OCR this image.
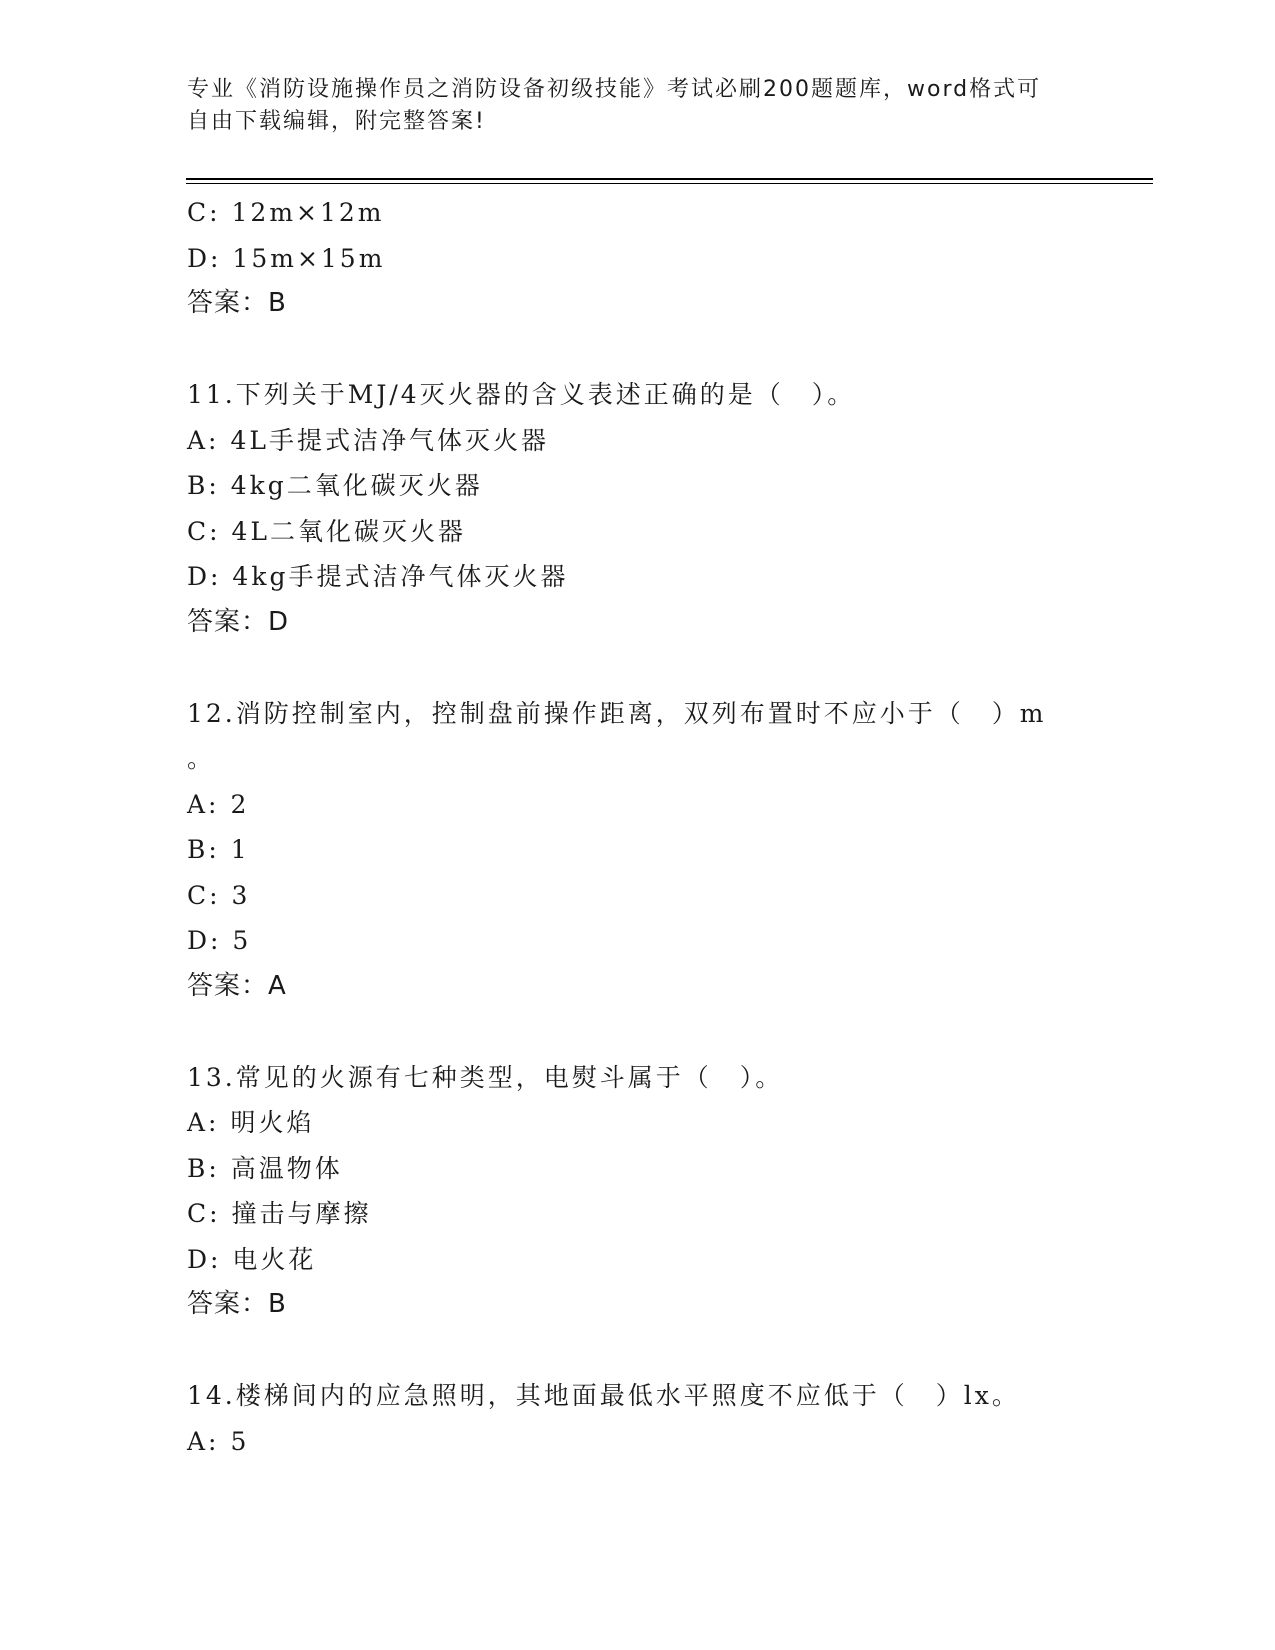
专业《消防设施操作员之消防设备初级技能》考试必刷200题题库，word格式可
自由下载编辑，附完整答案!
C: 12m×12m
D: 15m×15m
答案：B
11.下列关于MJ/4灭火器的含义表述正确的是（　）。
A: 4L手提式洁净气体灭火器
B: 4kg二氧化碳灭火器
C: 4L二氧化碳灭火器
D: 4kg手提式洁净气体灭火器
答案：D
12.消防控制室内，控制盘前操作距离，双列布置时不应小于（　）m
。
A: 2
B: 1
C: 3
D: 5
答案：A
13.常见的火源有七种类型，电熨斗属于（　）。
A: 明火焰
B: 高温物体
C: 撞击与摩擦
D: 电火花
答案：B
14.楼梯间内的应急照明，其地面最低水平照度不应低于（　）lx。
A: 5
